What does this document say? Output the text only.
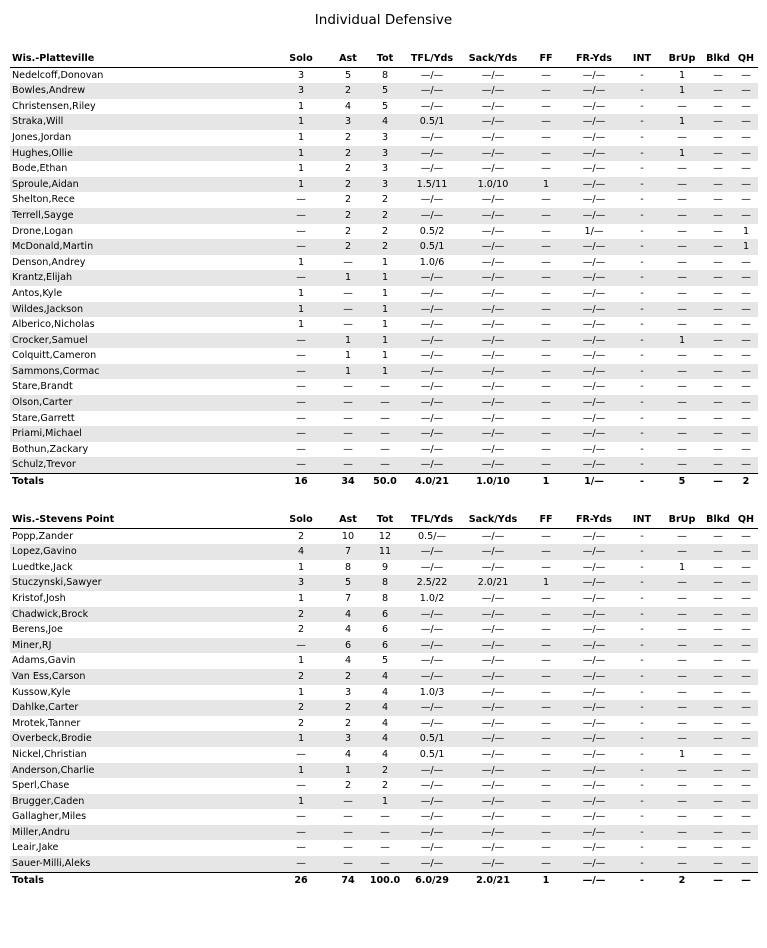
Individual Defensive
Wis.-Platteville	Solo	Ast	Tot	TFL/Yds	Sack/Yds	FF	FR-Yds	INT	BrUp	Blkd	QH
Nedelcoff,Donovan	3	5	8	—/—	—/—	—	—/—	-	1	—	—
Bowles,Andrew	3	2	5	—/—	—/—	—	—/—	-	1	—	—
Christensen,Riley	1	4	5	—/—	—/—	—	—/—	-	—	—	—
Straka,Will	1	3	4	0.5/1	—/—	—	—/—	-	1	—	—
Jones,Jordan	1	2	3	—/—	—/—	—	—/—	-	—	—	—
Hughes,Ollie	1	2	3	—/—	—/—	—	—/—	-	1	—	—
Bode,Ethan	1	2	3	—/—	—/—	—	—/—	-	—	—	—
Sproule,Aidan	1	2	3	1.5/11	1.0/10	1	—/—	-	—	—	—
Shelton,Rece	—	2	2	—/—	—/—	—	—/—	-	—	—	—
Terrell,Sayge	—	2	2	—/—	—/—	—	—/—	-	—	—	—
Drone,Logan	—	2	2	0.5/2	—/—	—	1/—	-	—	—	1
McDonald,Martin	—	2	2	0.5/1	—/—	—	—/—	-	—	—	1
Denson,Andrey	1	—	1	1.0/6	—/—	—	—/—	-	—	—	—
Krantz,Elijah	—	1	1	—/—	—/—	—	—/—	-	—	—	—
Antos,Kyle	1	—	1	—/—	—/—	—	—/—	-	—	—	—
Wildes,Jackson	1	—	1	—/—	—/—	—	—/—	-	—	—	—
Alberico,Nicholas	1	—	1	—/—	—/—	—	—/—	-	—	—	—
Crocker,Samuel	—	1	1	—/—	—/—	—	—/—	-	1	—	—
Colquitt,Cameron	—	1	1	—/—	—/—	—	—/—	-	—	—	—
Sammons,Cormac	—	1	1	—/—	—/—	—	—/—	-	—	—	—
Stare,Brandt	—	—	—	—/—	—/—	—	—/—	-	—	—	—
Olson,Carter	—	—	—	—/—	—/—	—	—/—	-	—	—	—
Stare,Garrett	—	—	—	—/—	—/—	—	—/—	-	—	—	—
Priami,Michael	—	—	—	—/—	—/—	—	—/—	-	—	—	—
Bothun,Zackary	—	—	—	—/—	—/—	—	—/—	-	—	—	—
Schulz,Trevor	—	—	—	—/—	—/—	—	—/—	-	—	—	—
Totals	16	34	50.0	4.0/21	1.0/10	1	1/—	-	5	—	2
Wis.-Stevens Point	Solo	Ast	Tot	TFL/Yds	Sack/Yds	FF	FR-Yds	INT	BrUp	Blkd	QH
Popp,Zander	2	10	12	0.5/—	—/—	—	—/—	-	—	—	—
Lopez,Gavino	4	7	11	—/—	—/—	—	—/—	-	—	—	—
Luedtke,Jack	1	8	9	—/—	—/—	—	—/—	-	1	—	—
Stuczynski,Sawyer	3	5	8	2.5/22	2.0/21	1	—/—	-	—	—	—
Kristof,Josh	1	7	8	1.0/2	—/—	—	—/—	-	—	—	—
Chadwick,Brock	2	4	6	—/—	—/—	—	—/—	-	—	—	—
Berens,Joe	2	4	6	—/—	—/—	—	—/—	-	—	—	—
Miner,RJ	—	6	6	—/—	—/—	—	—/—	-	—	—	—
Adams,Gavin	1	4	5	—/—	—/—	—	—/—	-	—	—	—
Van Ess,Carson	2	2	4	—/—	—/—	—	—/—	-	—	—	—
Kussow,Kyle	1	3	4	1.0/3	—/—	—	—/—	-	—	—	—
Dahlke,Carter	2	2	4	—/—	—/—	—	—/—	-	—	—	—
Mrotek,Tanner	2	2	4	—/—	—/—	—	—/—	-	—	—	—
Overbeck,Brodie	1	3	4	0.5/1	—/—	—	—/—	-	—	—	—
Nickel,Christian	—	4	4	0.5/1	—/—	—	—/—	-	1	—	—
Anderson,Charlie	1	1	2	—/—	—/—	—	—/—	-	—	—	—
Sperl,Chase	—	2	2	—/—	—/—	—	—/—	-	—	—	—
Brugger,Caden	1	—	1	—/—	—/—	—	—/—	-	—	—	—
Gallagher,Miles	—	—	—	—/—	—/—	—	—/—	-	—	—	—
Miller,Andru	—	—	—	—/—	—/—	—	—/—	-	—	—	—
Leair,Jake	—	—	—	—/—	—/—	—	—/—	-	—	—	—
Sauer-Milli,Aleks	—	—	—	—/—	—/—	—	—/—	-	—	—	—
Totals	26	74	100.0	6.0/29	2.0/21	1	—/—	-	2	—	—
